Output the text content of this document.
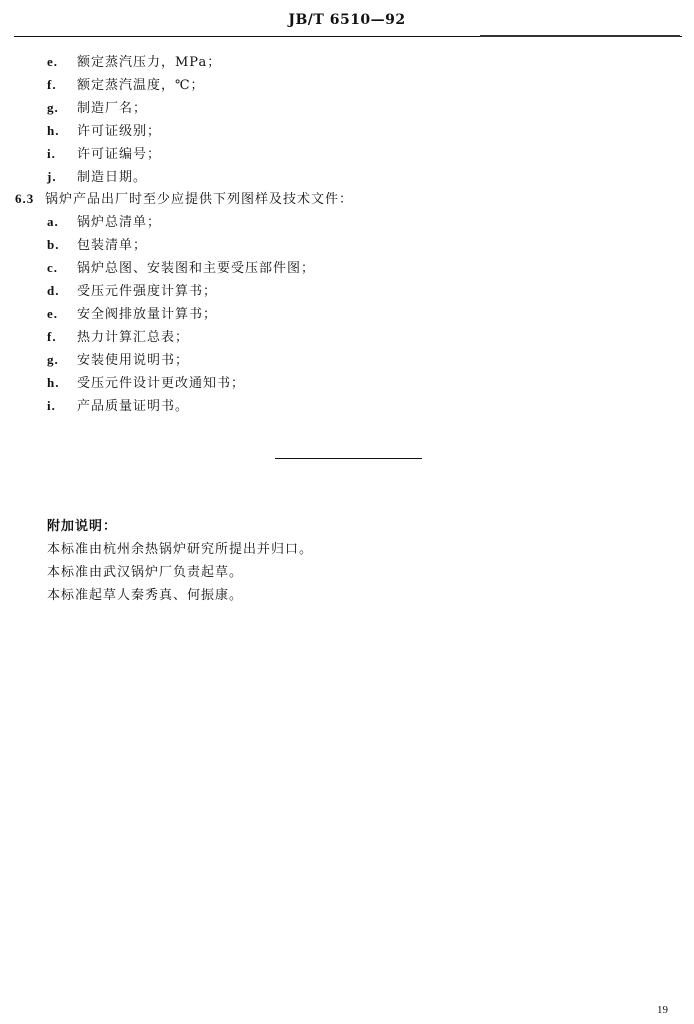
JB/T 6510—92
e. 额定蒸汽压力，MPa；
f. 额定蒸汽温度，℃；
g. 制造厂名；
h. 许可证级别；
i. 许可证编号；
j. 制造日期。
6.3 锅炉产品出厂时至少应提供下列图样及技术文件：
a. 锅炉总清单；
b. 包装清单；
c. 锅炉总图、安装图和主要受压部件图；
d. 受压元件强度计算书；
e. 安全阀排放量计算书；
f. 热力计算汇总表；
g. 安装使用说明书；
h. 受压元件设计更改通知书；
i. 产品质量证明书。
附加说明：
本标准由杭州余热锅炉研究所提出并归口。
本标准由武汉锅炉厂负责起草。
本标准起草人秦秀真、何振康。
19
